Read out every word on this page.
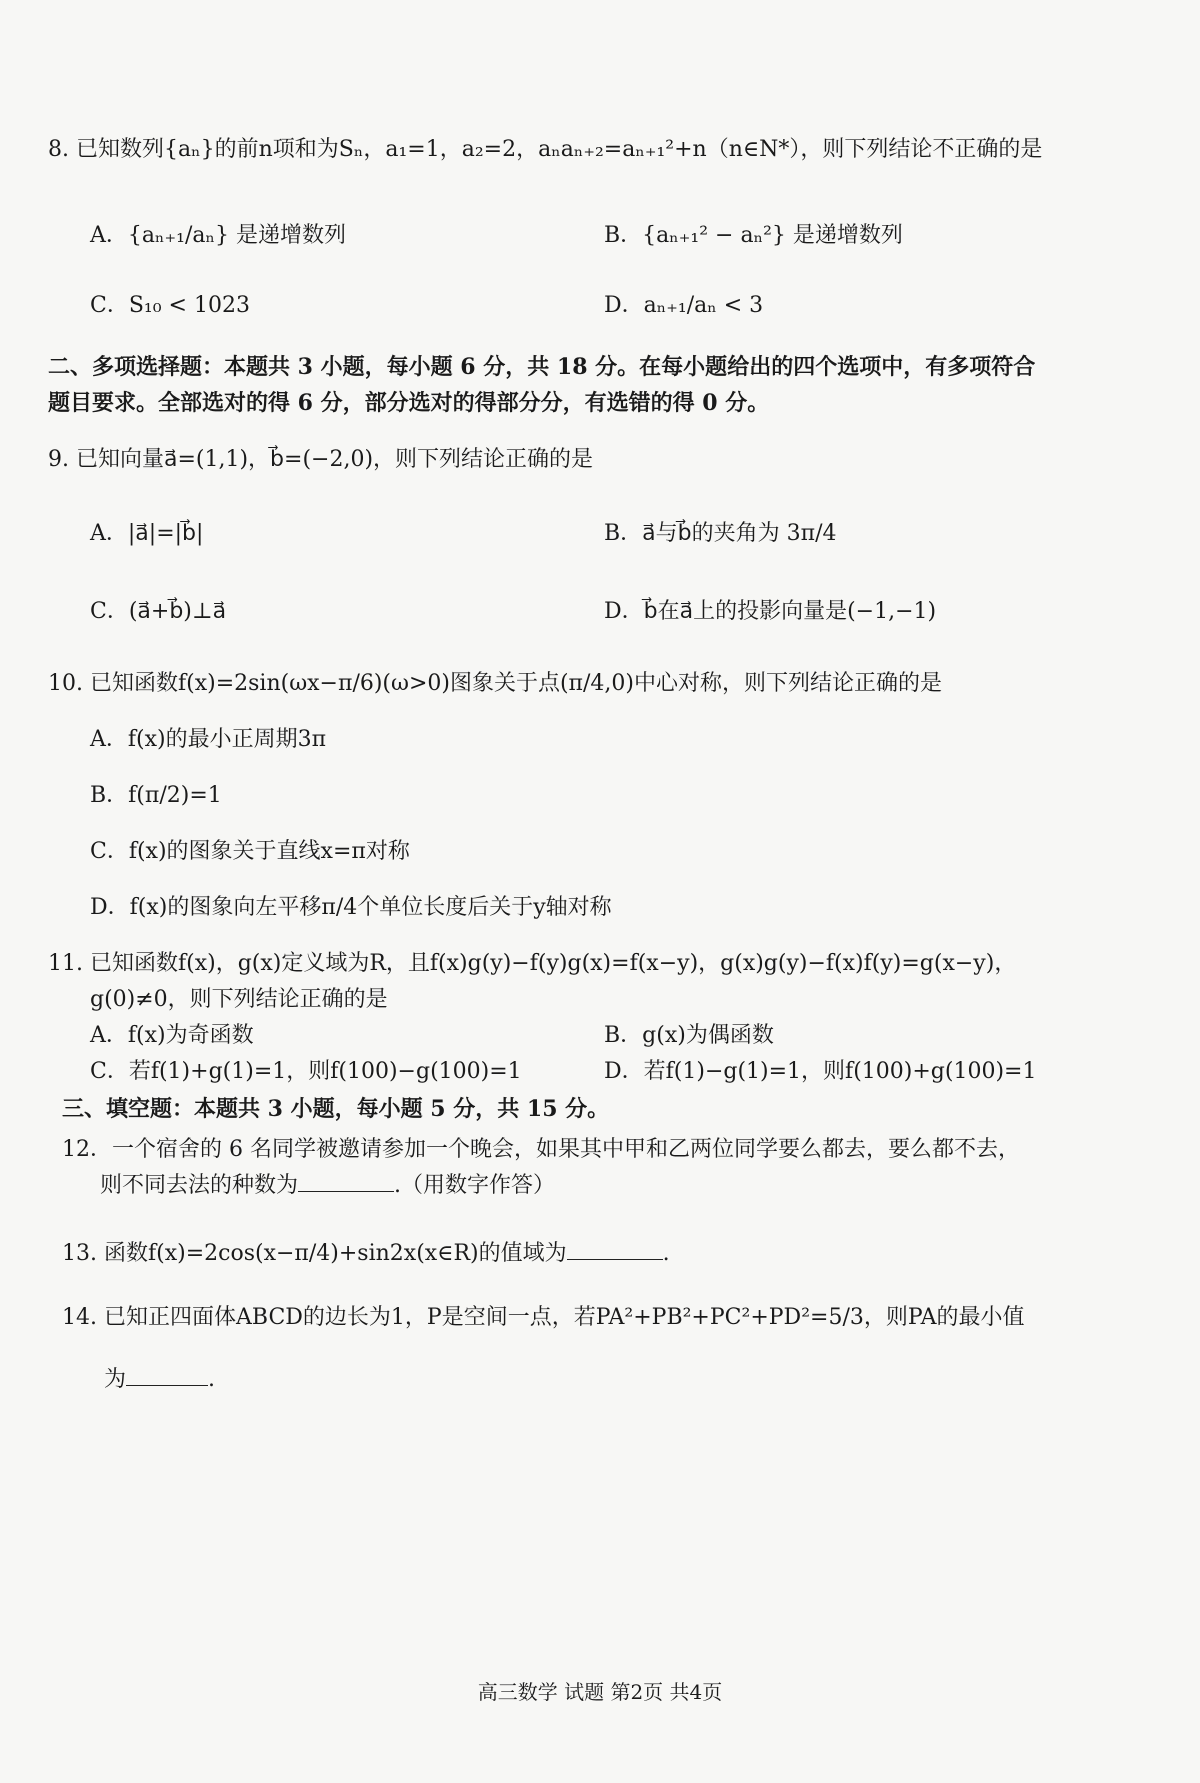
8. 已知数列{aₙ}的前n项和为Sₙ，a₁=1，a₂=2，aₙaₙ₊₂=aₙ₊₁²+n（n∈N*），则下列结论不正确的是
A．{aₙ₊₁/aₙ} 是递增数列	B．{aₙ₊₁² − aₙ²} 是递增数列
C．S₁₀ < 1023	D．aₙ₊₁/aₙ < 3
二、多项选择题：本题共 3 小题，每小题 6 分，共 18 分。在每小题给出的四个选项中，有多项符合
题目要求。全部选对的得 6 分，部分选对的得部分分，有选错的得 0 分。
9. 已知向量a⃗=(1,1)，b⃗=(−2,0)，则下列结论正确的是
A．|a⃗|=|b⃗|	B．a⃗与b⃗的夹角为 3π/4
C．(a⃗+b⃗)⊥a⃗	D．b⃗在a⃗上的投影向量是(−1,−1)
10. 已知函数f(x)=2sin(ωx−π/6)(ω>0)图象关于点(π/4,0)中心对称，则下列结论正确的是
A．f(x)的最小正周期3π
B．f(π/2)=1
C．f(x)的图象关于直线x=π对称
D．f(x)的图象向左平移π/4个单位长度后关于y轴对称
11. 已知函数f(x)，g(x)定义域为R，且f(x)g(y)−f(y)g(x)=f(x−y)，g(x)g(y)−f(x)f(y)=g(x−y)，
g(0)≠0，则下列结论正确的是
A．f(x)为奇函数	B．g(x)为偶函数
C．若f(1)+g(1)=1，则f(100)−g(100)=1	D．若f(1)−g(1)=1，则f(100)+g(100)=1
三、填空题：本题共 3 小题，每小题 5 分，共 15 分。
12．一个宿舍的 6 名同学被邀请参加一个晚会，如果其中甲和乙两位同学要么都去，要么都不去，
则不同去法的种数为	.（用数字作答）
13. 函数f(x)=2cos(x−π/4)+sin2x(x∈R)的值域为	.
14. 已知正四面体ABCD的边长为1，P是空间一点，若PA²+PB²+PC²+PD²=5/3，则PA的最小值
为	.
高三数学 试题 第2页 共4页
